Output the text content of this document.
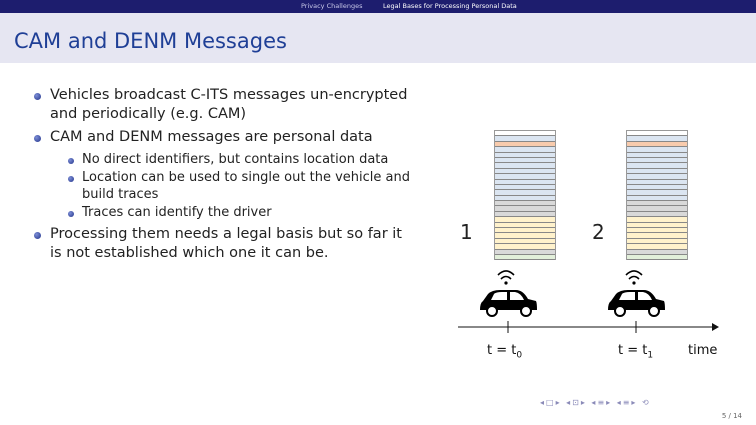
Privacy Challenges	Legal Bases for Processing Personal Data
CAM and DENM Messages
Vehicles broadcast C-ITS messages un-encrypted and periodically (e.g. CAM)
CAM and DENM messages are personal data
No direct identifiers, but contains location data
Location can be used to single out the vehicle and build traces
Traces can identify the driver
Processing them needs a legal basis but so far it is not established which one it can be.
1	2
$t = t_0$	$t = t_1$	time
◂□▸ ◂⊡▸ ◂≡▸ ◂≡▸ ⟲
5 / 14
